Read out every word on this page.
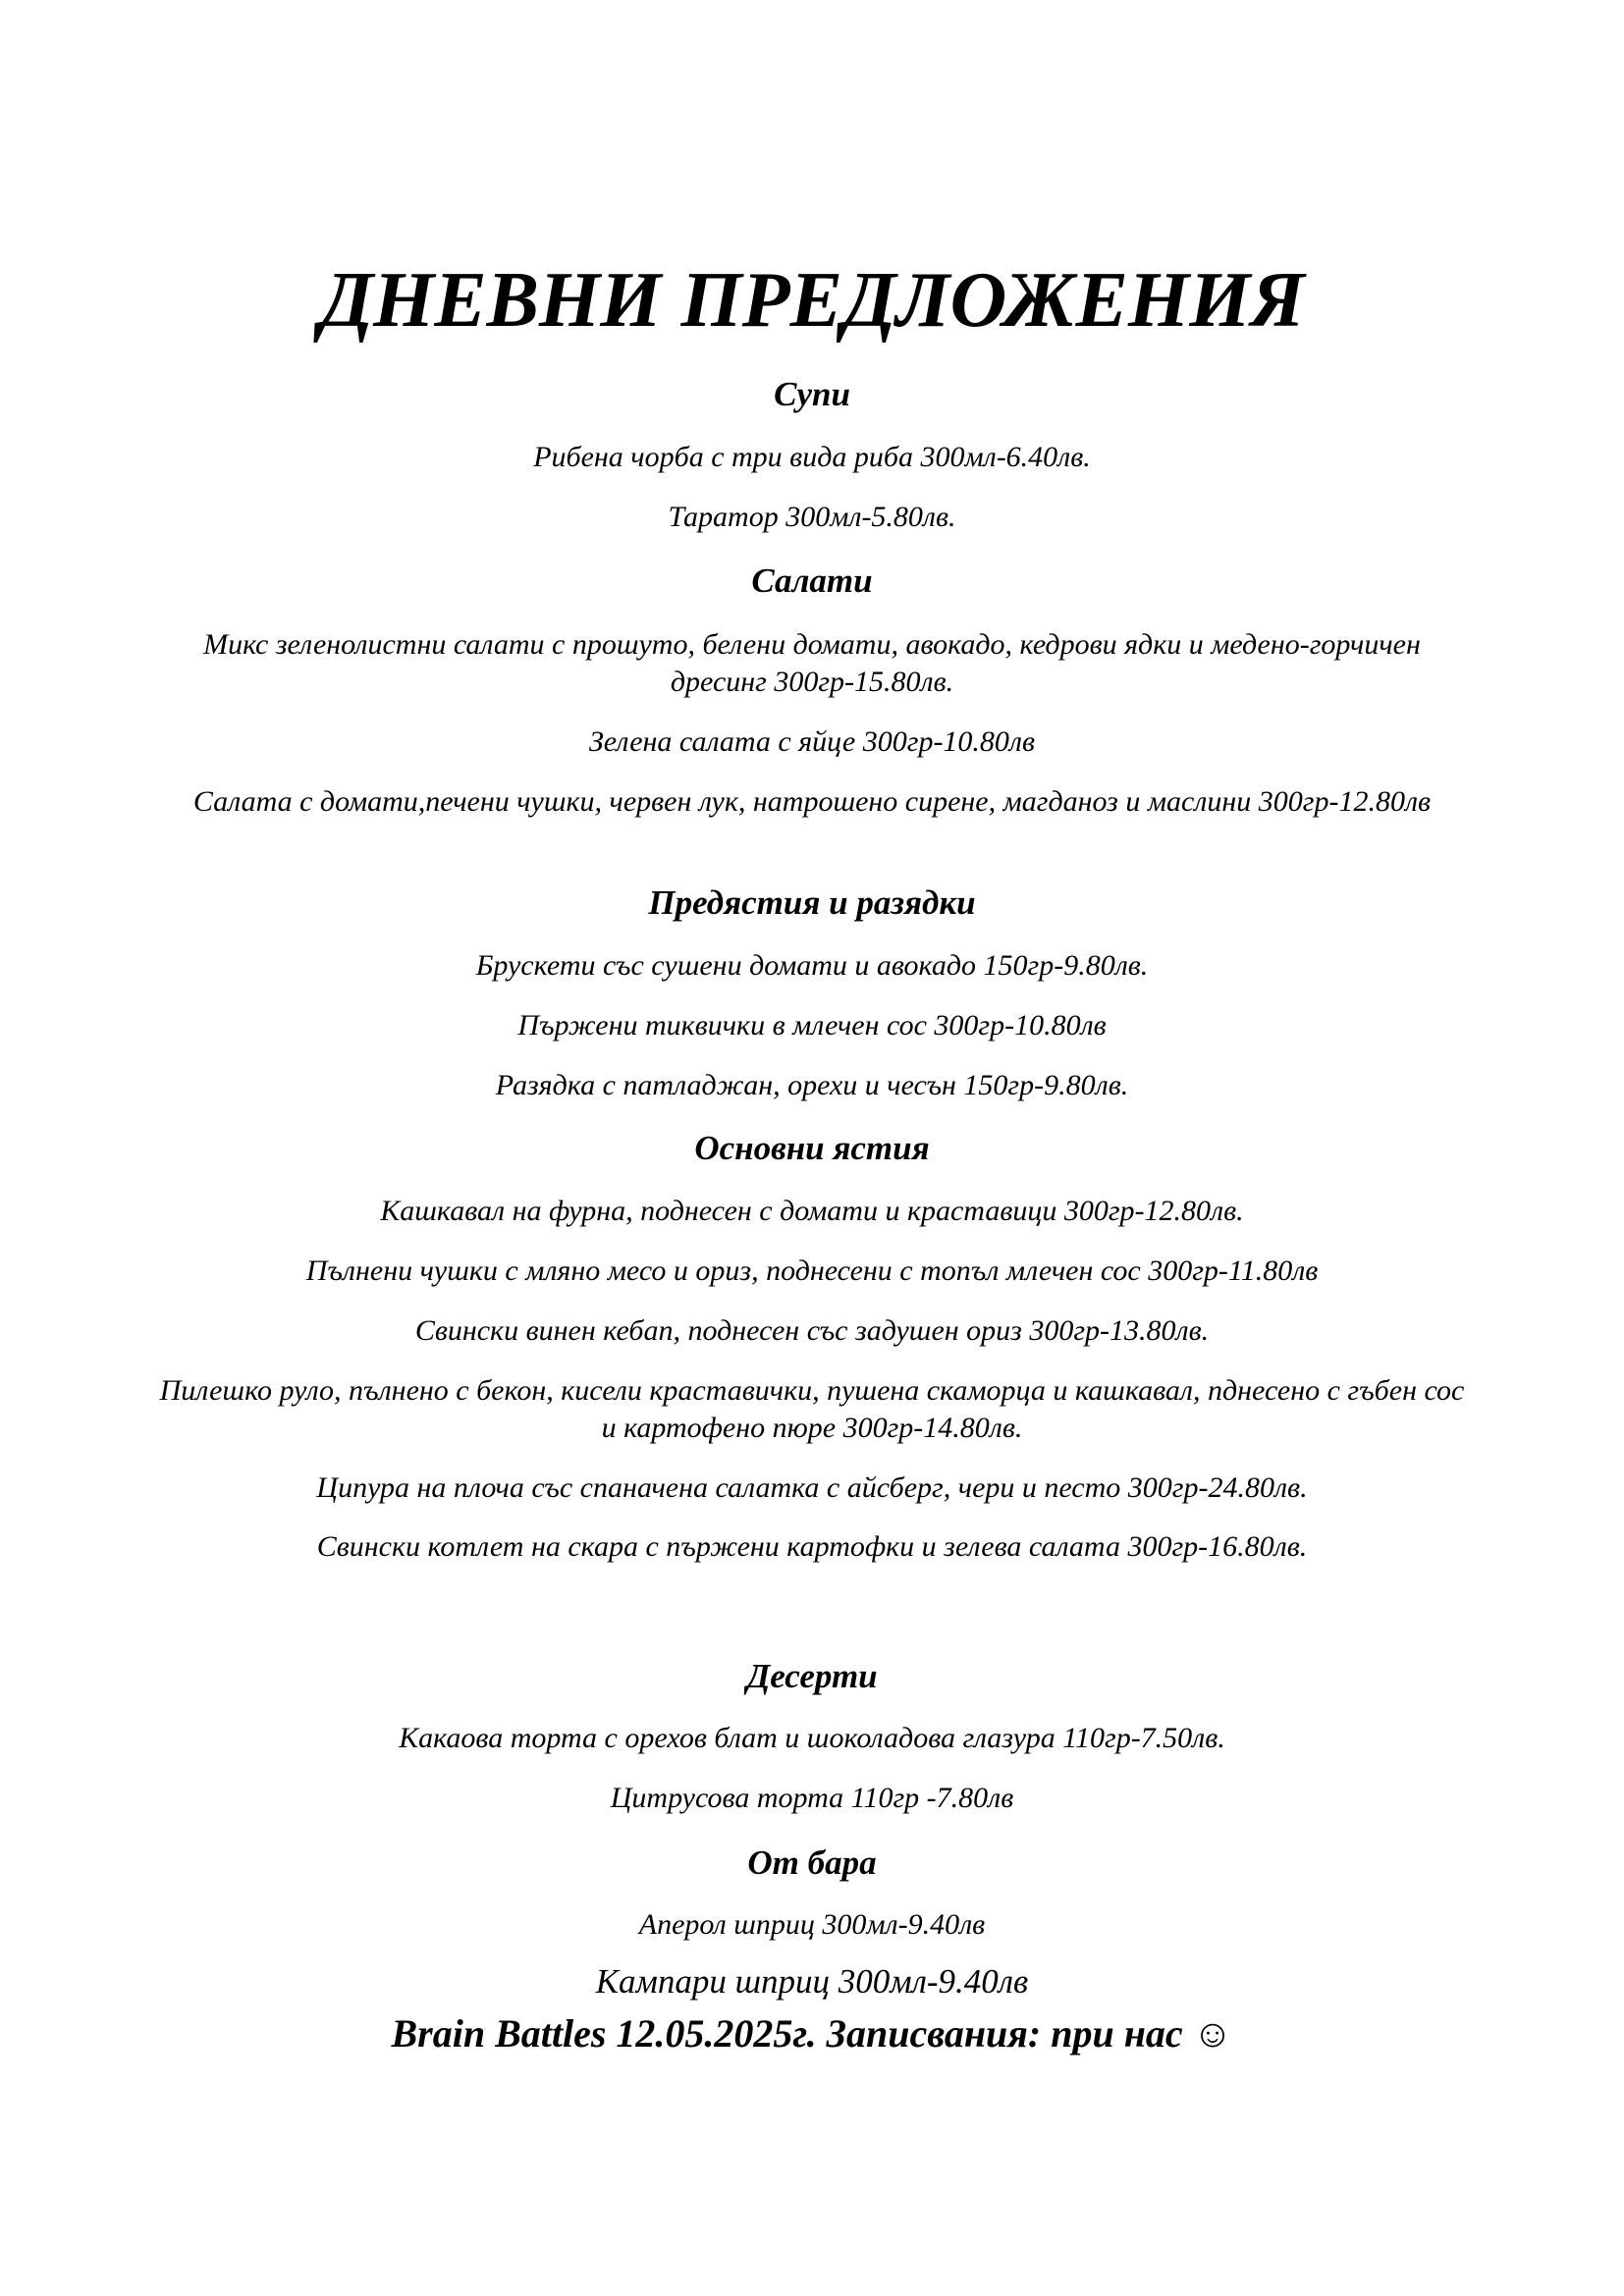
ДНЕВНИ ПРЕДЛОЖЕНИЯ
Супи
Рибена чорба с три вида риба 300мл-6.40лв.
Таратор 300мл-5.80лв.
Салати
Микс зеленолистни салати с прошуто, белени домати, авокадо, кедрови ядки и медено-горчичен дресинг 300гр-15.80лв.
Зелена салата с яйце 300гр-10.80лв
Салата с домати,печени чушки, червен лук, натрошено сирене, магданоз и маслини 300гр-12.80лв
Предястия и разядки
Брускети със сушени домати и авокадо 150гр-9.80лв.
Пържени тиквички в млечен сос 300гр-10.80лв
Разядка с патладжан, орехи и чесън 150гр-9.80лв.
Основни ястия
Кашкавал на фурна, поднесен с домати и краставици 300гр-12.80лв.
Пълнени чушки с мляно месо и ориз, поднесени с топъл млечен сос 300гр-11.80лв
Свински винен кебап, поднесен със задушен ориз 300гр-13.80лв.
Пилешко руло, пълнено с бекон, кисели краставички, пушена скаморца и кашкавал, пднесено с гъбен сос и картофено пюре 300гр-14.80лв.
Ципура на плоча със спаначена салатка с айсберг, чери и песто 300гр-24.80лв.
Свински котлет на скара с пържени картофки и зелева салата 300гр-16.80лв.
Десерти
Какаова торта с орехов блат и шоколадова глазура 110гр-7.50лв.
Цитрусова торта 110гр -7.80лв
От бара
Аперол шприц 300мл-9.40лв
Кампари шприц 300мл-9.40лв
Brain Battles 12.05.2025г. Записвания: при нас ☺
